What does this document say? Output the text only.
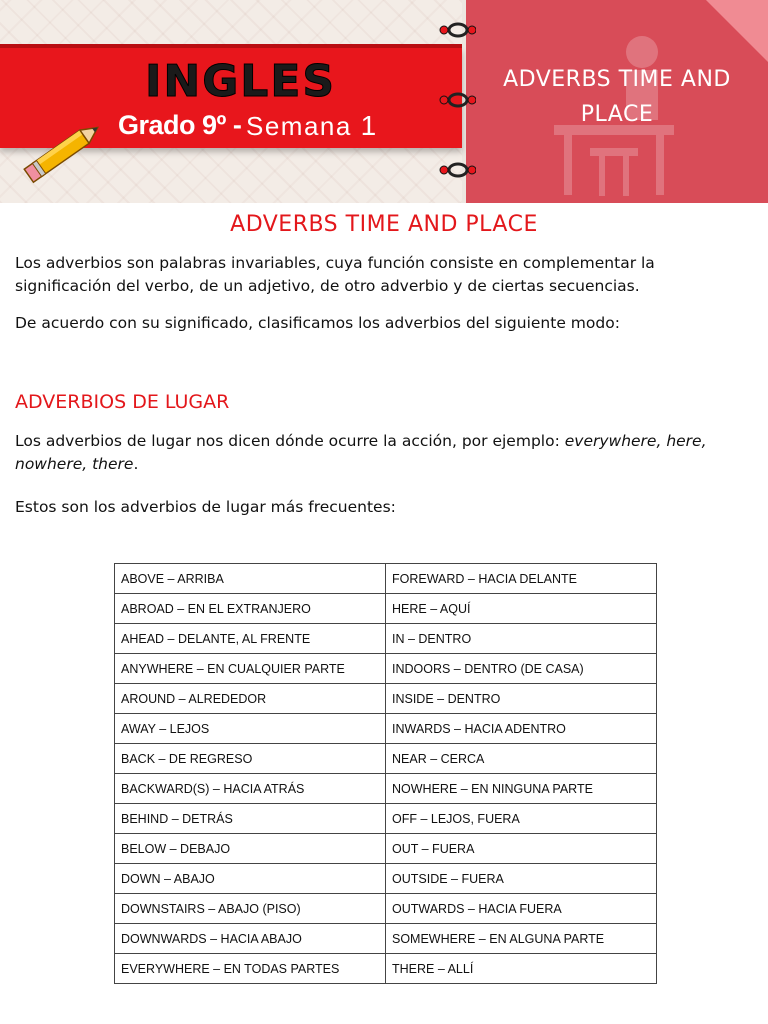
INGLES
Grado 9º - Semana 1
ADVERBS TIME AND
PLACE
ADVERBS TIME AND PLACE
Los adverbios son palabras invariables, cuya función consiste en complementar la
significación del verbo, de un adjetivo, de otro adverbio y de ciertas secuencias.
De acuerdo con su significado, clasificamos los adverbios del siguiente modo:
ADVERBIOS DE LUGAR
Los adverbios de lugar nos dicen dónde ocurre la acción, por ejemplo: everywhere, here,
nowhere, there.
Estos son los adverbios de lugar más frecuentes:
ABOVE – ARRIBA	FOREWARD – HACIA DELANTE
ABROAD – EN EL EXTRANJERO	HERE – AQUÍ
AHEAD – DELANTE, AL FRENTE	IN – DENTRO
ANYWHERE – EN CUALQUIER PARTE	INDOORS – DENTRO (DE CASA)
AROUND – ALREDEDOR	INSIDE – DENTRO
AWAY – LEJOS	INWARDS – HACIA ADENTRO
BACK – DE REGRESO	NEAR – CERCA
BACKWARD(S) – HACIA ATRÁS	NOWHERE – EN NINGUNA PARTE
BEHIND – DETRÁS	OFF – LEJOS, FUERA
BELOW – DEBAJO	OUT – FUERA
DOWN – ABAJO	OUTSIDE – FUERA
DOWNSTAIRS – ABAJO (PISO)	OUTWARDS – HACIA FUERA
DOWNWARDS – HACIA ABAJO	SOMEWHERE – EN ALGUNA PARTE
EVERYWHERE – EN TODAS PARTES	THERE – ALLÍ
